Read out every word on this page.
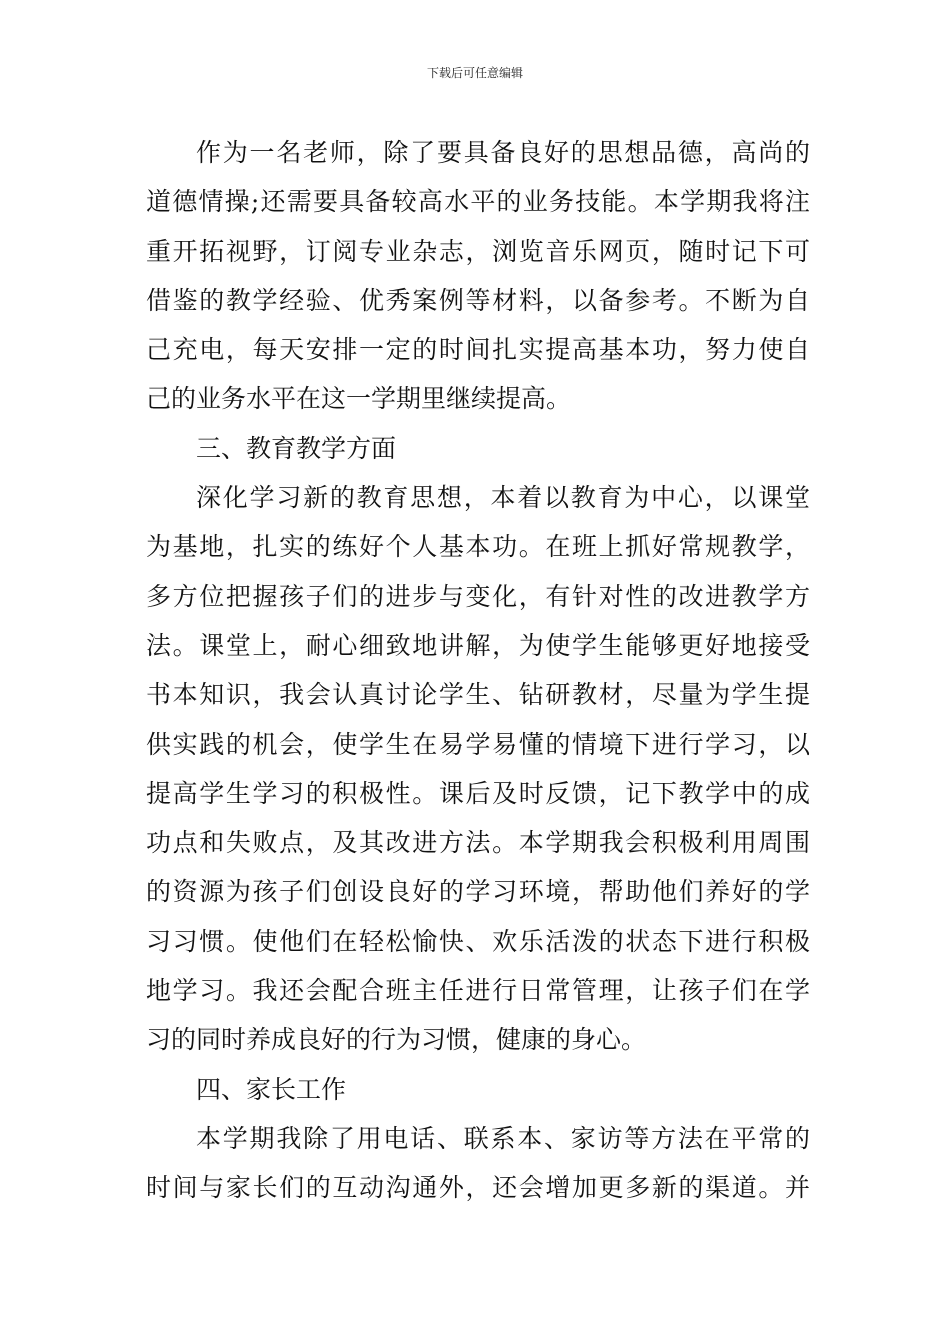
下载后可任意编辑
作为一名老师，除了要具备良好的思想品德，高尚的
道德情操;还需要具备较高水平的业务技能。本学期我将注
重开拓视野，订阅专业杂志，浏览音乐网页，随时记下可
借鉴的教学经验、优秀案例等材料，以备参考。不断为自
己充电，每天安排一定的时间扎实提高基本功，努力使自
己的业务水平在这一学期里继续提高。
三、教育教学方面
深化学习新的教育思想，本着以教育为中心，以课堂
为基地，扎实的练好个人基本功。在班上抓好常规教学，
多方位把握孩子们的进步与变化，有针对性的改进教学方
法。课堂上，耐心细致地讲解，为使学生能够更好地接受
书本知识，我会认真讨论学生、钻研教材，尽量为学生提
供实践的机会，使学生在易学易懂的情境下进行学习，以
提高学生学习的积极性。课后及时反馈，记下教学中的成
功点和失败点，及其改进方法。本学期我会积极利用周围
的资源为孩子们创设良好的学习环境，帮助他们养好的学
习习惯。使他们在轻松愉快、欢乐活泼的状态下进行积极
地学习。我还会配合班主任进行日常管理，让孩子们在学
习的同时养成良好的行为习惯，健康的身心。
四、家长工作
本学期我除了用电话、联系本、家访等方法在平常的
时间与家长们的互动沟通外，还会增加更多新的渠道。并
